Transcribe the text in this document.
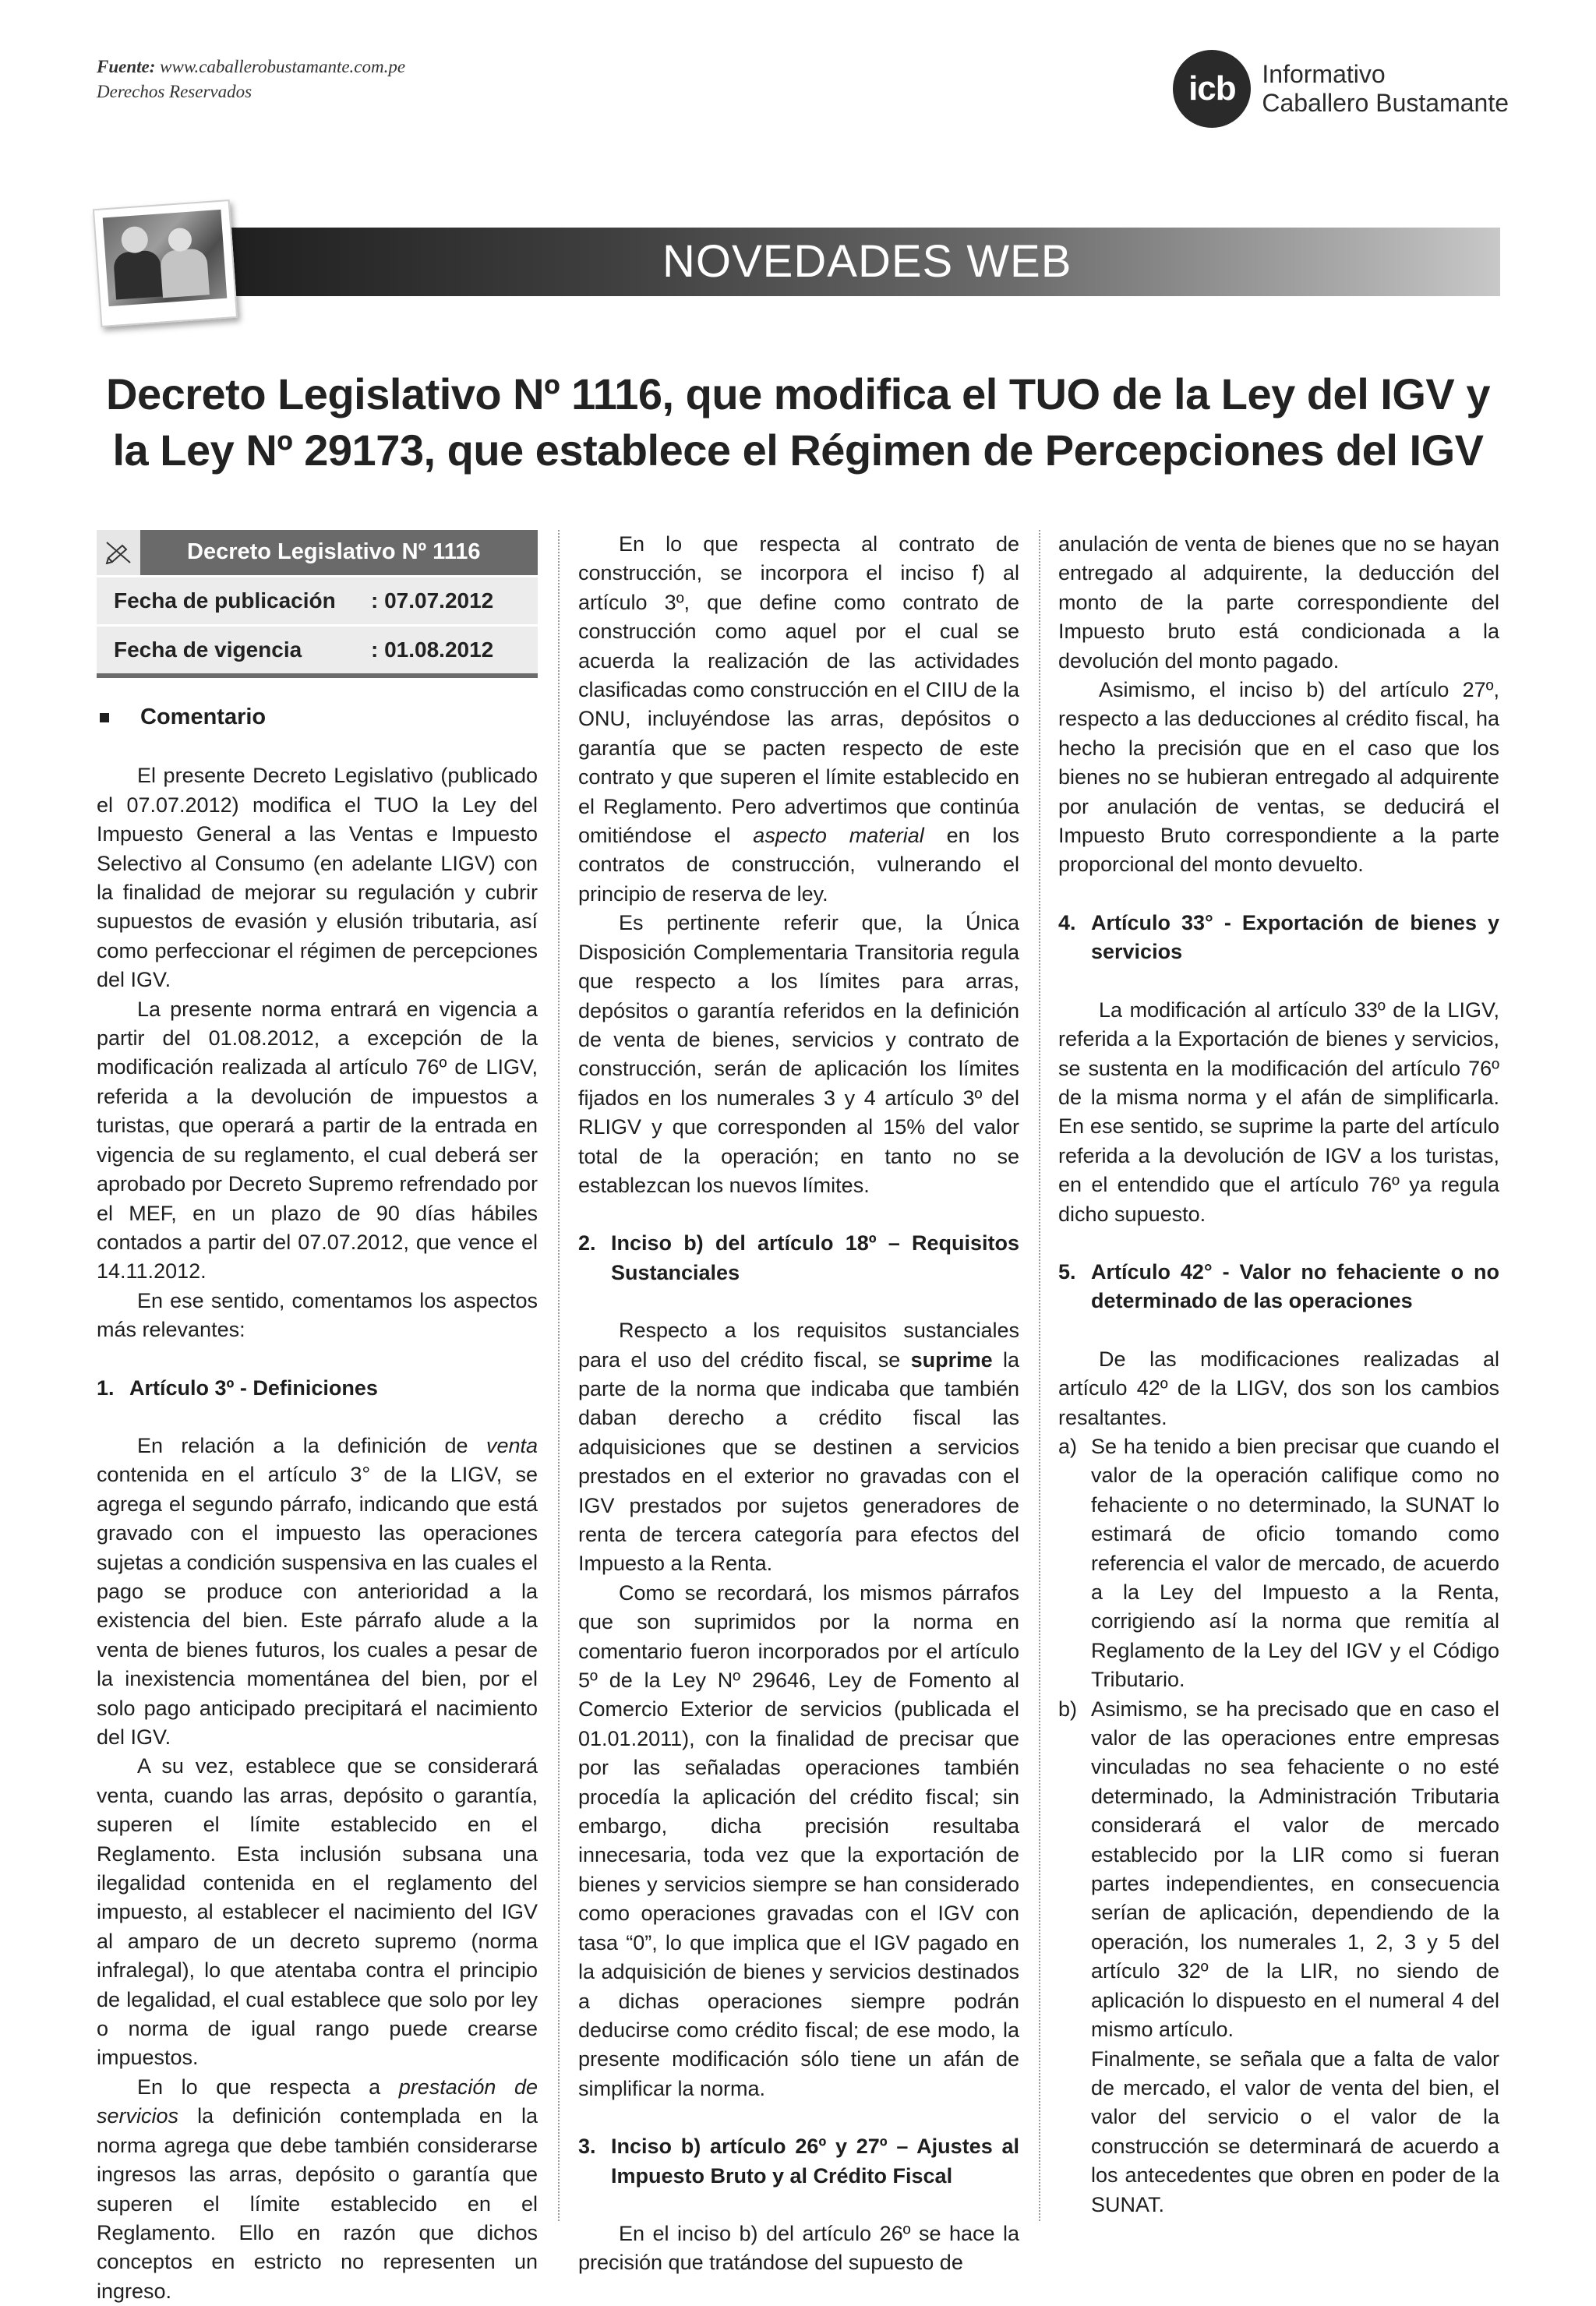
Fuente: www.caballerobustamante.com.pe
Derechos Reservados	icb	Informativo
Caballero Bustamante
NOVEDADES WEB
Decreto Legislativo Nº 1116, que modifica el TUO de la Ley del IGV y la Ley Nº 29173, que establece el Régimen de Percepciones del IGV
Decreto Legislativo Nº 1116
Fecha de publicación	: 07.07.2012
Fecha de vigencia	: 01.08.2012
Comentario

El presente Decreto Legislativo (publicado el 07.07.2012) modifica el TUO la Ley del Impuesto General a las Ventas e Impuesto Selectivo al Consumo (en adelante LIGV) con la finalidad de mejorar su regulación y cubrir supuestos de evasión y elusión tributaria, así como perfeccionar el régimen de percepciones del IGV.

La presente norma entrará en vigencia a partir del 01.08.2012, a excepción de la modificación realizada al artículo 76º de LIGV, referida a la devolución de impuestos a turistas, que operará a partir de la entrada en vigencia de su reglamento, el cual deberá ser aprobado por Decreto Supremo refrendado por el MEF, en un plazo de 90 días hábiles contados a partir del 07.07.2012, que vence el 14.11.2012.

En ese sentido, comentamos los aspectos más relevantes:

1. Artículo 3º - Definiciones

En relación a la definición de venta contenida en el artículo 3° de la LIGV, se agrega el segundo párrafo, indicando que está gravado con el impuesto las operaciones sujetas a condición suspensiva en las cuales el pago se produce con anterioridad a la existencia del bien. Este párrafo alude a la venta de bienes futuros, los cuales a pesar de la inexistencia momentánea del bien, por el solo pago anticipado precipitará el nacimiento del IGV.

A su vez, establece que se considerará venta, cuando las arras, depósito o garantía, superen el límite establecido en el Reglamento. Esta inclusión subsana una ilegalidad contenida en el reglamento del impuesto, al establecer el nacimiento del IGV al amparo de un decreto supremo (norma infralegal), lo que atentaba contra el principio de legalidad, el cual establece que solo por ley o norma de igual rango puede crearse impuestos.

En lo que respecta a prestación de servicios la definición contemplada en la norma agrega que debe también considerarse ingresos las arras, depósito o garantía que superen el límite establecido en el Reglamento. Ello en razón que dichos conceptos en estricto no representen un ingreso.

En lo que respecta al contrato de construcción, se incorpora el inciso f) al artículo 3º, que define como contrato de construcción como aquel por el cual se acuerda la realización de las actividades clasificadas como construcción en el CIIU de la ONU, incluyéndose las arras, depósitos o garantía que se pacten respecto de este contrato y que superen el límite establecido en el Reglamento. Pero advertimos que continúa omitiéndose el aspecto material en los contratos de construcción, vulnerando el principio de reserva de ley.

Es pertinente referir que, la Única Disposición Complementaria Transitoria regula que respecto a los límites para arras, depósitos o garantía referidos en la definición de venta de bienes, servicios y contrato de construcción, serán de aplicación los límites fijados en los numerales 3 y 4 artículo 3º del RLIGV y que corresponden al 15% del valor total de la operación; en tanto no se establezcan los nuevos límites.

2. Inciso b) del artículo 18º – Requisitos Sustanciales

Respecto a los requisitos sustanciales para el uso del crédito fiscal, se suprime la parte de la norma que indicaba que también daban derecho a crédito fiscal las adquisiciones que se destinen a servicios prestados en el exterior no gravadas con el IGV prestados por sujetos generadores de renta de tercera categoría para efectos del Impuesto a la Renta.

Como se recordará, los mismos párrafos que son suprimidos por la norma en comentario fueron incorporados por el artículo 5º de la Ley Nº 29646, Ley de Fomento al Comercio Exterior de servicios (publicada el 01.01.2011), con la finalidad de precisar que por las señaladas operaciones también procedía la aplicación del crédito fiscal; sin embargo, dicha precisión resultaba innecesaria, toda vez que la exportación de bienes y servicios siempre se han considerado como operaciones gravadas con el IGV con tasa “0”, lo que implica que el IGV pagado en la adquisición de bienes y servicios destinados a dichas operaciones siempre podrán deducirse como crédito fiscal; de ese modo, la presente modificación sólo tiene un afán de simplificar la norma.

3. Inciso b) artículo 26º y 27º – Ajustes al Impuesto Bruto y al Crédito Fiscal

En el inciso b) del artículo 26º se hace la precisión que tratándose del supuesto de

anulación de venta de bienes que no se hayan entregado al adquirente, la deducción del monto de la parte correspondiente del Impuesto bruto está condicionada a la devolución del monto pagado.

Asimismo, el inciso b) del artículo 27º, respecto a las deducciones al crédito fiscal, ha hecho la precisión que en el caso que los bienes no se hubieran entregado al adquirente por anulación de ventas, se deducirá el Impuesto Bruto correspondiente a la parte proporcional del monto devuelto.

4. Artículo 33° - Exportación de bienes y servicios

La modificación al artículo 33º de la LIGV, referida a la Exportación de bienes y servicios, se sustenta en la modificación del artículo 76º de la misma norma y el afán de simplificarla. En ese sentido, se suprime la parte del artículo referida a la devolución de IGV a los turistas, en el entendido que el artículo 76º ya regula dicho supuesto.

5. Artículo 42° - Valor no fehaciente o no determinado de las operaciones

De las modificaciones realizadas al artículo 42º de la LIGV, dos son los cambios resaltantes.

a) Se ha tenido a bien precisar que cuando el valor de la operación califique como no fehaciente o no determinado, la SUNAT lo estimará de oficio tomando como referencia el valor de mercado, de acuerdo a la Ley del Impuesto a la Renta, corrigiendo así la norma que remitía al Reglamento de la Ley del IGV y el Código Tributario.
b) Asimismo, se ha precisado que en caso el valor de las operaciones entre empresas vinculadas no sea fehaciente o no esté determinado, la Administración Tributaria considerará el valor de mercado establecido por la LIR como si fueran partes independientes, en consecuencia serían de aplicación, dependiendo de la operación, los numerales 1, 2, 3 y 5 del artículo 32º de la LIR, no siendo de aplicación lo dispuesto en el numeral 4 del mismo artículo.
Finalmente, se señala que a falta de valor de mercado, el valor de venta del bien, el valor del servicio o el valor de la construcción se determinará de acuerdo a los antecedentes que obren en poder de la SUNAT.
